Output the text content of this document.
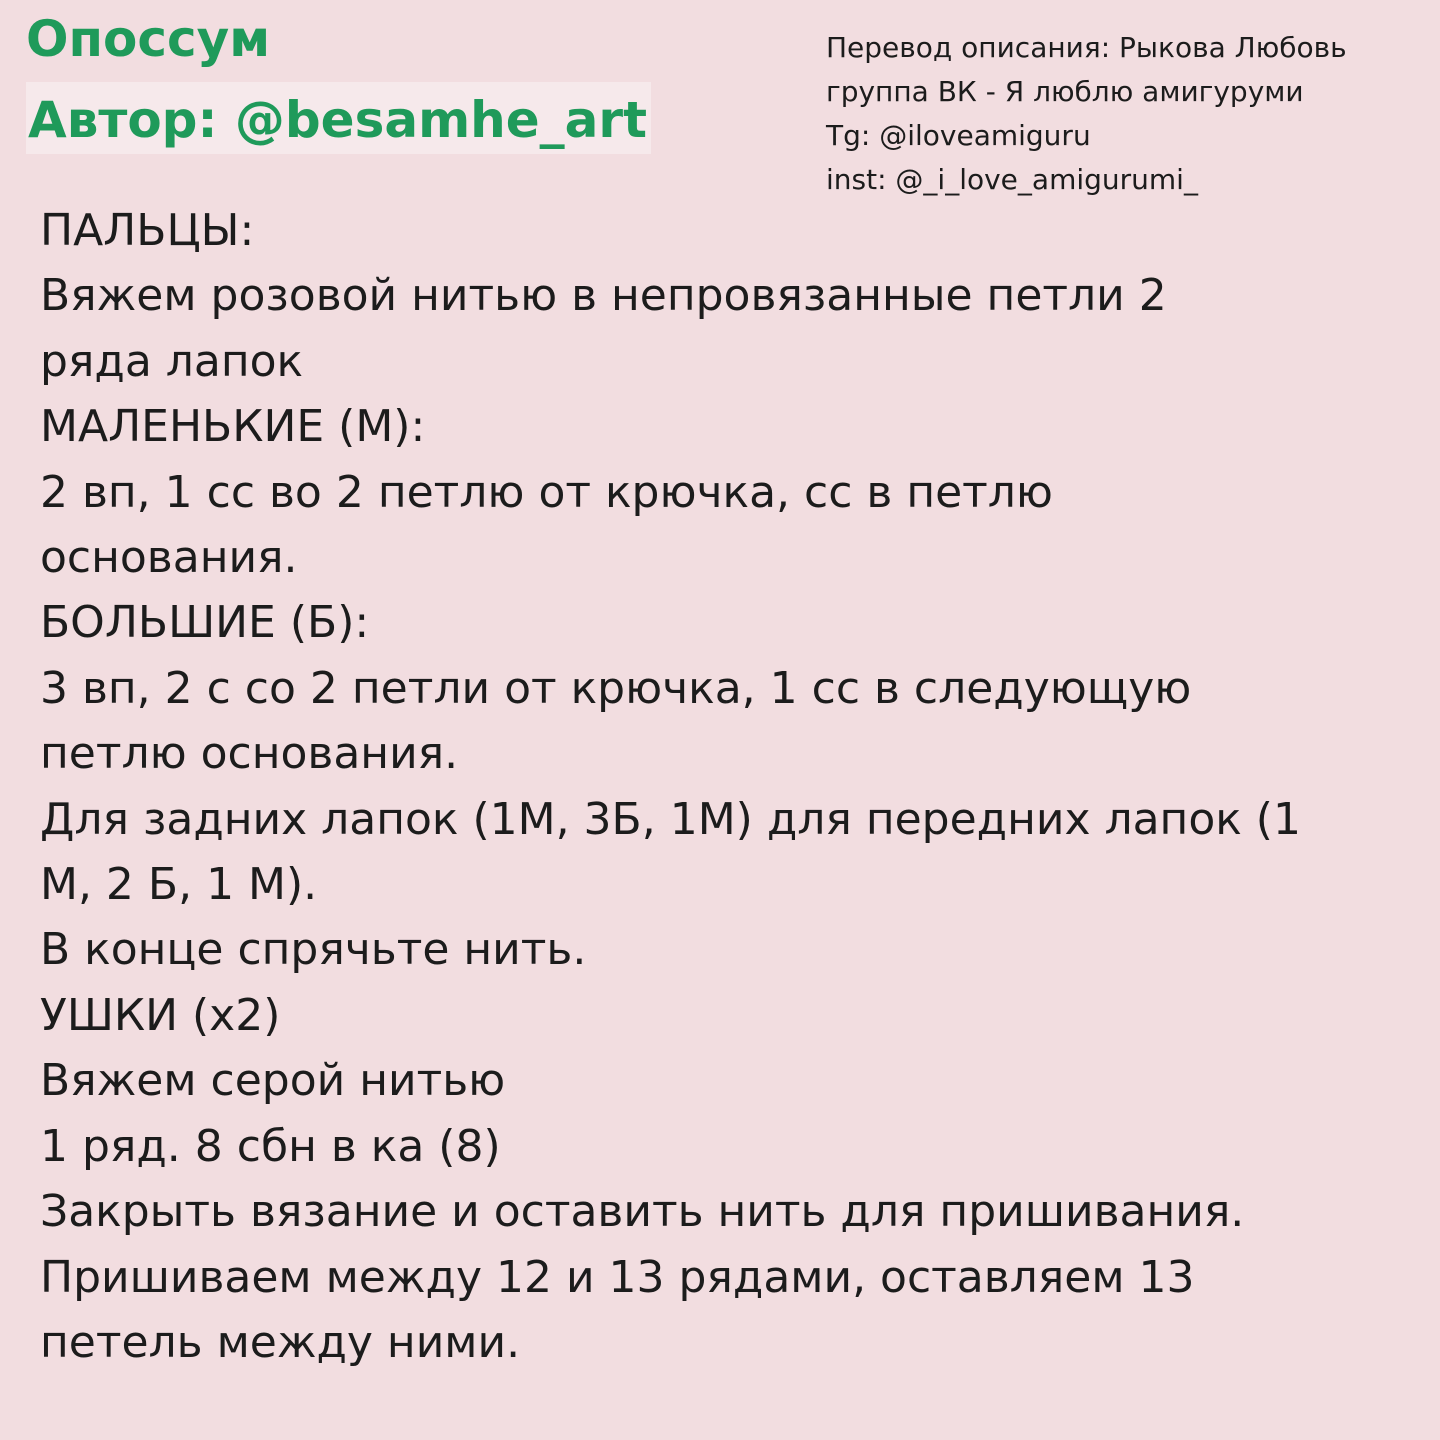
Опоссум
Автор: @besamhe_art
Перевод описания: Рыкова Любовь
группа ВК - Я люблю амигуруми
Tg: @iloveamiguru
inst: @_i_love_amigurumi_
ПАЛЬЦЫ:
Вяжем розовой нитью в непровязанные петли 2
ряда лапок
МАЛЕНЬКИЕ (М):
2 вп, 1 сс во 2 петлю от крючка, сс в петлю
основания.
БОЛЬШИЕ (Б):
3 вп, 2 с со 2 петли от крючка, 1 сс в следующую
петлю основания.
Для задних лапок (1М, 3Б, 1М) для передних лапок (1
М, 2 Б, 1 М).
В конце спрячьте нить.
УШКИ (х2)
Вяжем серой нитью
1 ряд. 8 сбн в ка (8)
Закрыть вязание и оставить нить для пришивания.
Пришиваем между 12 и 13 рядами, оставляем 13
петель между ними.
